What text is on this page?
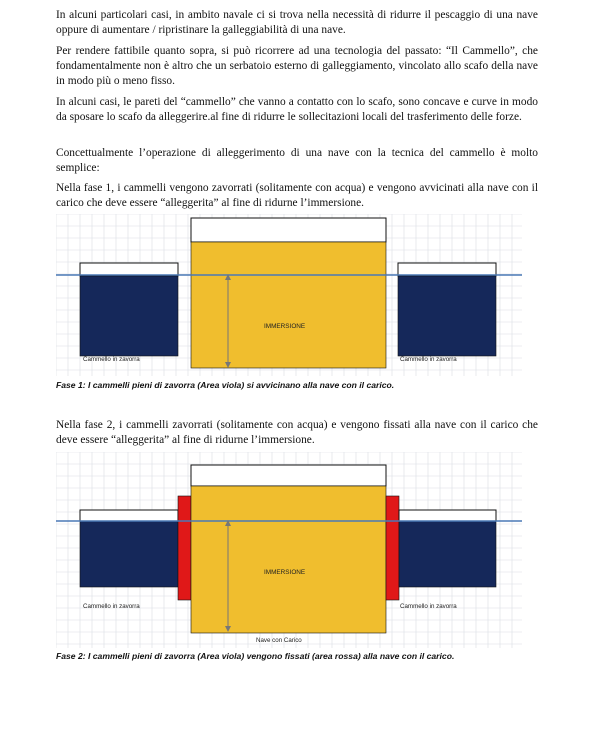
In alcuni particolari casi, in ambito navale ci si trova nella necessità di ridurre il pescaggio di una nave oppure di aumentare / ripristinare la galleggiabilità di una nave.

Per rendere fattibile quanto sopra, si può ricorrere ad una tecnologia del passato: “Il Cammello”, che fondamentalmente non è altro che un serbatoio esterno di galleggiamento, vincolato allo scafo della nave in modo più o meno fisso.

In alcuni casi, le pareti del “cammello” che vanno a contatto con lo scafo, sono concave e curve in modo da sposare lo scafo da alleggerire.al fine di ridurre le sollecitazioni locali del trasferimento delle forze.

Concettualmente l’operazione di alleggerimento di una nave con la tecnica del cammello è molto semplice:

Nella fase 1, i cammelli vengono zavorrati (solitamente con acqua) e vengono avvicinati alla nave con il carico che deve essere “alleggerita” al fine di ridurne l’immersione.

IMMERSIONE
Cammello in zavorra	Cammello in zavorra

Fase 1: I cammelli pieni di zavorra (Area viola) si avvicinano alla nave con il carico.

Nella fase 2, i cammelli zavorrati (solitamente con acqua) e vengono fissati alla nave con il carico che deve essere “alleggerita” al fine di ridurne l’immersione.

IMMERSIONE
Cammello in zavorra	Cammello in zavorra
Nave con Carico

Fase 2: I cammelli pieni di zavorra (Area viola) vengono fissati (area rossa) alla nave con il carico.
